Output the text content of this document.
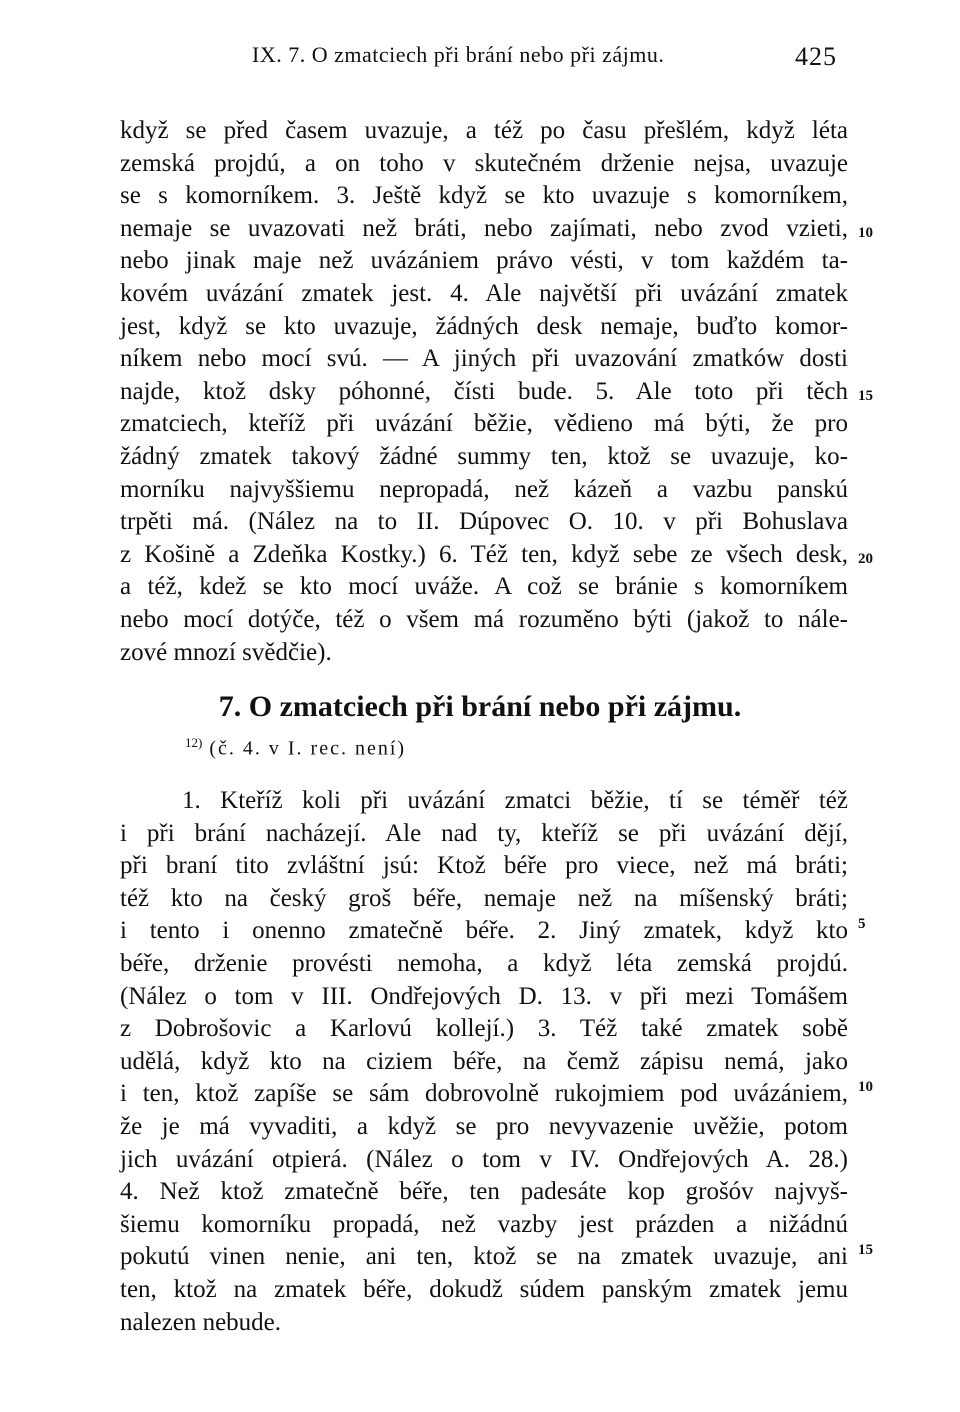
IX. 7. O zmatciech při brání nebo při zájmu.	425
když se před časem uvazuje, a též po času přešlém, když léta
zemská projdú, a on toho v skutečném drženie nejsa, uvazuje
se s komorníkem. 3. Ještě když se kto uvazuje s komorníkem,
nemaje se uvazovati než bráti, nebo zajímati, nebo zvod vzieti,
nebo jinak maje než uvázániem právo vésti, v tom každém ta-
kovém uvázání zmatek jest. 4. Ale najvětší při uvázání zmatek
jest, když se kto uvazuje, žádných desk nemaje, buďto komor-
níkem nebo mocí svú. — A jiných při uvazování zmatków dosti
najde, ktož dsky póhonné, čísti bude. 5. Ale toto při těch
zmatciech, kteříž při uvázání běžie, vědieno má býti, že pro
žádný zmatek takový žádné summy ten, ktož se uvazuje, ko-
morníku najvyššiemu nepropadá, než kázeň a vazbu panskú
trpěti má. (Nález na to II. Dúpovec O. 10. v při Bohuslava
z Košině a Zdeňka Kostky.) 6. Též ten, když sebe ze všech desk,
a též, kdež se kto mocí uváže. A což se bránie s komorníkem
nebo mocí dotýče, též o všem má rozuměno býti (jakož to nále-
zové mnozí svědčie).
10
15
20
7. O zmatciech při brání nebo při zájmu.
$^{12)}$ (č. 4. v I. rec. není)
1. Kteříž koli při uvázání zmatci běžie, tí se téměř též
i při brání nacházejí. Ale nad ty, kteříž se při uvázání dějí,
při braní tito zvláštní jsú: Ktož béře pro viece, než má bráti;
též kto na český groš béře, nemaje než na míšenský bráti;
i tento i onenno zmatečně béře. 2. Jiný zmatek, když kto
béře, drženie provésti nemoha, a když léta zemská projdú.
(Nález o tom v III. Ondřejových D. 13. v při mezi Tomášem
z Dobrošovic a Karlovú kollejí.) 3. Též také zmatek sobě
udělá, když kto na ciziem béře, na čemž zápisu nemá, jako
i ten, ktož zapíše se sám dobrovolně rukojmiem pod uvázániem,
že je má vyvaditi, a když se pro nevyvazenie uvěžie, potom
jich uvázání otpierá. (Nález o tom v IV. Ondřejových A. 28.)
4. Než ktož zmatečně béře, ten padesáte kop grošóv najvyš-
šiemu komorníku propadá, než vazby jest prázden a nižádnú
pokutú vinen nenie, ani ten, ktož se na zmatek uvazuje, ani
ten, ktož na zmatek béře, dokudž súdem panským zmatek jemu
nalezen nebude.
5
10
15
